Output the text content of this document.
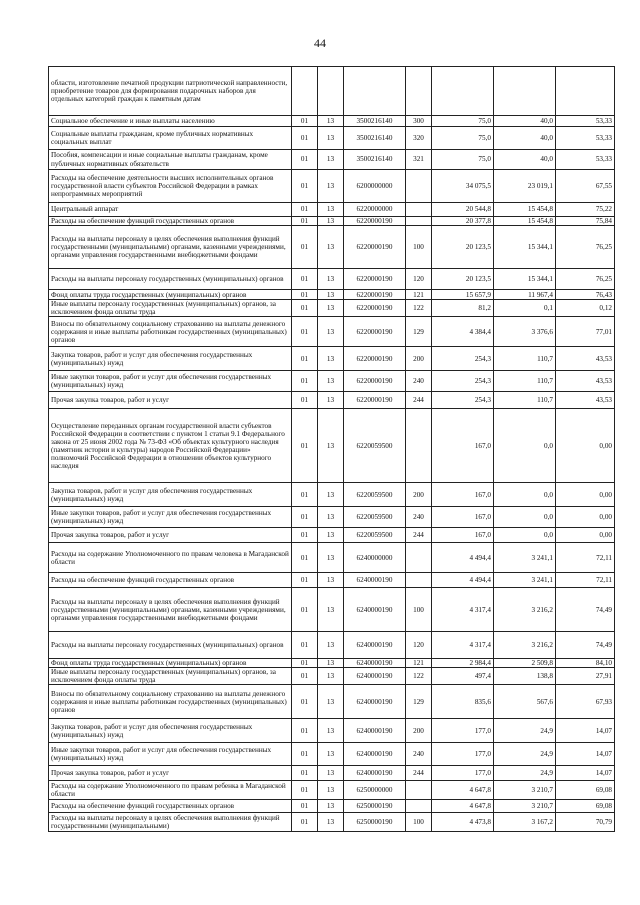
44
области, изготовление печатной продукции патриотической направленности, приобретение товаров для формирования подарочных наборов для отдельных категорий граждан к памятным датам							
Социальное обеспечение и иные выплаты населению	01	13	3500216140	300	75,0	40,0	53,33
Социальные выплаты гражданам, кроме публичных нормативных социальных выплат	01	13	3500216140	320	75,0	40,0	53,33
Пособия, компенсации и иные социальные выплаты гражданам, кроме публичных нормативных обязательств	01	13	3500216140	321	75,0	40,0	53,33
Расходы на обеспечение деятельности высших исполнительных органов государственной власти субъектов Российской Федерации в рамках непрограммных мероприятий	01	13	6200000000		34 075,5	23 019,1	67,55
Центральный аппарат	01	13	6220000000		20 544,8	15 454,8	75,22
Расходы на обеспечение функций государственных органов	01	13	6220000190		20 377,8	15 454,8	75,84
Расходы на выплаты персоналу в целях обеспечения выполнения функций государственными (муниципальными) органами, казенными учреждениями, органами управления государственными внебюджетными фондами	01	13	6220000190	100	20 123,5	15 344,1	76,25
Расходы на выплаты персоналу государственных (муниципальных) органов	01	13	6220000190	120	20 123,5	15 344,1	76,25
Фонд оплаты труда государственных (муниципальных) органов	01	13	6220000190	121	15 657,9	11 967,4	76,43
Иные выплаты персоналу государственных (муниципальных) органов, за исключением фонда оплаты труда	01	13	6220000190	122	81,2	0,1	0,12
Взносы по обязательному социальному страхованию на выплаты денежного содержания и иные выплаты работникам государственных (муниципальных) органов	01	13	6220000190	129	4 384,4	3 376,6	77,01
Закупка товаров, работ и услуг для обеспечения государственных (муниципальных) нужд	01	13	6220000190	200	254,3	110,7	43,53
Иные закупки товаров, работ и услуг для обеспечения государственных (муниципальных) нужд	01	13	6220000190	240	254,3	110,7	43,53
Прочая закупка товаров, работ и услуг	01	13	6220000190	244	254,3	110,7	43,53
Осуществление переданных органам государственной власти субъектов Российской Федерации в соответствии с пунктом 1 статьи 9.1 Федерального закона от 25 июня 2002 года № 73-ФЗ «Об объектах культурного наследия (памятник истории и культуры) народов Российской Федерации» полномочий Российской Федерации в отношении объектов культурного наследия	01	13	6220059500		167,0	0,0	0,00
Закупка товаров, работ и услуг для обеспечения государственных (муниципальных) нужд	01	13	6220059500	200	167,0	0,0	0,00
Иные закупки товаров, работ и услуг для обеспечения государственных (муниципальных) нужд	01	13	6220059500	240	167,0	0,0	0,00
Прочая закупка товаров, работ и услуг	01	13	6220059500	244	167,0	0,0	0,00
Расходы на содержание Уполномоченного по правам человека в Магаданской области	01	13	6240000000		4 494,4	3 241,1	72,11
Расходы на обеспечение функций государственных органов	01	13	6240000190		4 494,4	3 241,1	72,11
Расходы на выплаты персоналу в целях обеспечения выполнения функций государственными (муниципальными) органами, казенными учреждениями, органами управления государственными внебюджетными фондами	01	13	6240000190	100	4 317,4	3 216,2	74,49
Расходы на выплаты персоналу государственных (муниципальных) органов	01	13	6240000190	120	4 317,4	3 216,2	74,49
Фонд оплаты труда государственных (муниципальных) органов	01	13	6240000190	121	2 984,4	2 509,8	84,10
Иные выплаты персоналу государственных (муниципальных) органов, за исключением фонда оплаты труда	01	13	6240000190	122	497,4	138,8	27,91
Взносы по обязательному социальному страхованию на выплаты денежного содержания и иные выплаты работникам государственных (муниципальных) органов	01	13	6240000190	129	835,6	567,6	67,93
Закупка товаров, работ и услуг для обеспечения государственных (муниципальных) нужд	01	13	6240000190	200	177,0	24,9	14,07
Иные закупки товаров, работ и услуг для обеспечения государственных (муниципальных) нужд	01	13	6240000190	240	177,0	24,9	14,07
Прочая закупка товаров, работ и услуг	01	13	6240000190	244	177,0	24,9	14,07
Расходы на содержание Уполномоченного по правам ребенка в Магаданской области	01	13	6250000000		4 647,8	3 210,7	69,08
Расходы на обеспечение функций государственных органов	01	13	6250000190		4 647,8	3 210,7	69,08
Расходы на выплаты персоналу в целях обеспечения выполнения функций государственными (муниципальными)	01	13	6250000190	100	4 473,8	3 167,2	70,79
